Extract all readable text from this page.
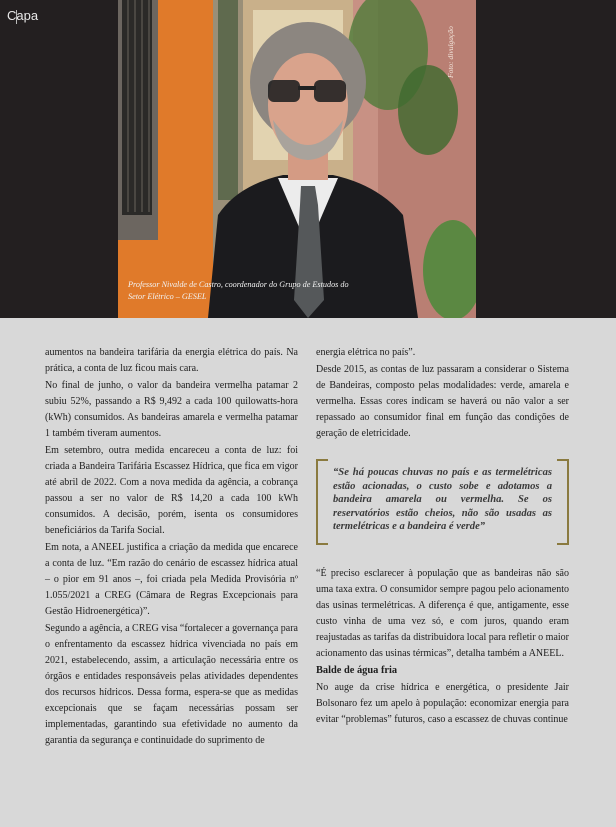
Capa
Professor Nivalde de Castro, coordenador do Grupo de Estudos do Setor Elétrico – GESEL
Foto: divulgação

aumentos na bandeira tarifária da energia elétrica do país. Na prática, a conta de luz ficou mais cara.

No final de junho, o valor da bandeira vermelha patamar 2 subiu 52%, passando a R$ 9,492 a cada 100 quilowatts-hora (kWh) consumidos. As bandeiras amarela e vermelha patamar 1 também tiveram aumentos.

Em setembro, outra medida encareceu a conta de luz: foi criada a Bandeira Tarifária Escassez Hídrica, que fica em vigor até abril de 2022. Com a nova medida da agência, a cobrança passou a ser no valor de R$ 14,20 a cada 100 kWh consumidos. A decisão, porém, isenta os consumidores beneficiários da Tarifa Social.

Em nota, a ANEEL justifica a criação da medida que encarece a conta de luz. “Em razão do cenário de escassez hídrica atual – o pior em 91 anos –, foi criada pela Medida Provisória nº 1.055/2021 a CREG (Câmara de Regras Excepcionais para Gestão Hidroenergética)”.

Segundo a agência, a CREG visa “fortalecer a governança para o enfrentamento da escassez hídrica vivenciada no país em 2021, estabelecendo, assim, a articulação necessária entre os órgãos e entidades responsáveis pelas atividades dependentes dos recursos hídricos. Dessa forma, espera-se que as medidas excepcionais que se façam necessárias possam ser implementadas, garantindo sua efetividade no aumento da garantia da segurança e continuidade do suprimento de

energia elétrica no país”.

Desde 2015, as contas de luz passaram a considerar o Sistema de Bandeiras, composto pelas modalidades: verde, amarela e vermelha. Essas cores indicam se haverá ou não valor a ser repassado ao consumidor final em função das condições de geração de eletricidade.

“Se há poucas chuvas no país e as termelétricas estão acionadas, o custo sobe e adotamos a bandeira amarela ou vermelha. Se os reservatórios estão cheios, não são usadas as termelétricas e a bandeira é verde”

“É preciso esclarecer à população que as bandeiras não são uma taxa extra. O consumidor sempre pagou pelo acionamento das usinas termelétricas. A diferença é que, antigamente, esse custo vinha de uma vez só, e com juros, quando eram reajustadas as tarifas da distribuidora local para refletir o maior acionamento das usinas térmicas”, detalha também a ANEEL.

Balde de água fria

No auge da crise hídrica e energética, o presidente Jair Bolsonaro fez um apelo à população: economizar energia para evitar “problemas” futuros, caso a escassez de chuvas continue
